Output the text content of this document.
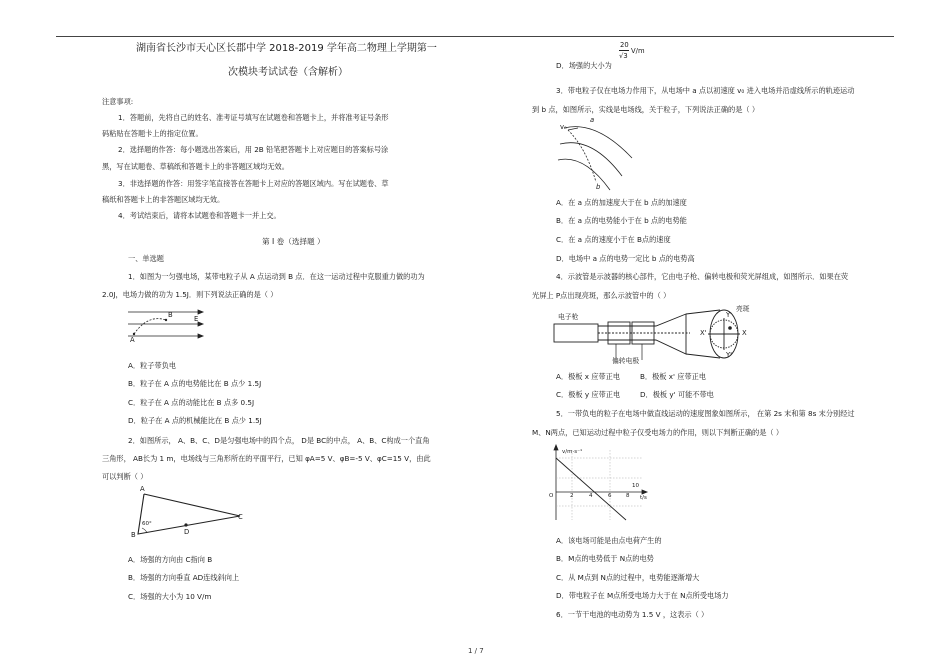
湖南省长沙市天心区长郡中学 2018-2019 学年高二物理上学期第一
次模块考试试卷（含解析）
注意事项:
1．答题前，先将自己的姓名、准考证号填写在试题卷和答题卡上，并将准考证号条形
码粘贴在答题卡上的指定位置。
2．选择题的作答：每小题选出答案后，用 2B 铅笔把答题卡上对应题目的答案标号涂
黑，写在试题卷、草稿纸和答题卡上的非答题区域均无效。
3．非选择题的作答：用签字笔直接答在答题卡上对应的答题区域内。写在试题卷、草
稿纸和答题卡上的非答题区域均无效。
4．考试结束后，请将本试题卷和答题卡一并上交。
第 I 卷（选择题 ）
一、单选题
1．如图为一匀强电场，某带电粒子从 A 点运动到 B 点．在这一运动过程中克服重力做的功为
2.0J，电场力做的功为 1.5J．则下列说法正确的是（ ）
A
B	E
A．粒子带负电
B．粒子在 A 点的电势能比在 B 点少 1.5J
C．粒子在 A 点的动能比在 B 点多 0.5J
D．粒子在 A 点的机械能比在 B 点少 1.5J
2．如图所示， A、B、C、D是匀强电场中的四个点， D是 BC的中点， A、B、C构成一个直角
三角形， AB长为 1 m，电场线与三角形所在的平面平行，已知 φA=5 V、φB=-5 V、φC=15 V，由此
可以判断（ ）
A
B
C
D
60°
A．场强的方向由 C指向 B
B．场强的方向垂直 AD连线斜向上
C．场强的大小为 10 V/m
D．场强的大小为
20
√3
V/m
3．带电粒子仅在电场力作用下，从电场中 a 点以初速度 v₀ 进入电场并沿虚线所示的轨迹运动
到 b 点，如图所示，实线是电场线，关于粒子，下列说法正确的是（ ）
a
v₀
b
A．在 a 点的加速度大于在 b 点的加速度
B．在 a 点的电势能小于在 b 点的电势能
C．在 a 点的速度小于在 B点的速度
D．电场中 a 点的电势一定比 b 点的电势高
4．示波管是示波器的核心部件，它由电子枪、偏转电极和荧光屏组成，如图所示．如果在荧
光屏上 P点出现亮斑，那么示波管中的（ ）
电子枪
偏转电极
亮斑
Y
Y'
X
X'
A．极板 x 应带正电	B．极板 x' 应带正电
C．极板 y 应带正电	D．极板 y' 可能不带电
5．一带负电的粒子在电场中做直线运动的速度图象如图所示， 在第 2s 末和第 8s 末分别经过
M、N两点，已知运动过程中粒子仅受电场力的作用，则以下判断正确的是（ ）
v/m·s⁻¹
t/s
O	2	4	6	8
10
A．该电场可能是由点电荷产生的
B．M点的电势低于 N点的电势
C．从 M点到 N点的过程中，电势能逐渐增大
D．带电粒子在 M点所受电场力大于在 N点所受电场力
6．一节干电池的电动势为 1.5 V ，这表示（ ）
1 / 7
